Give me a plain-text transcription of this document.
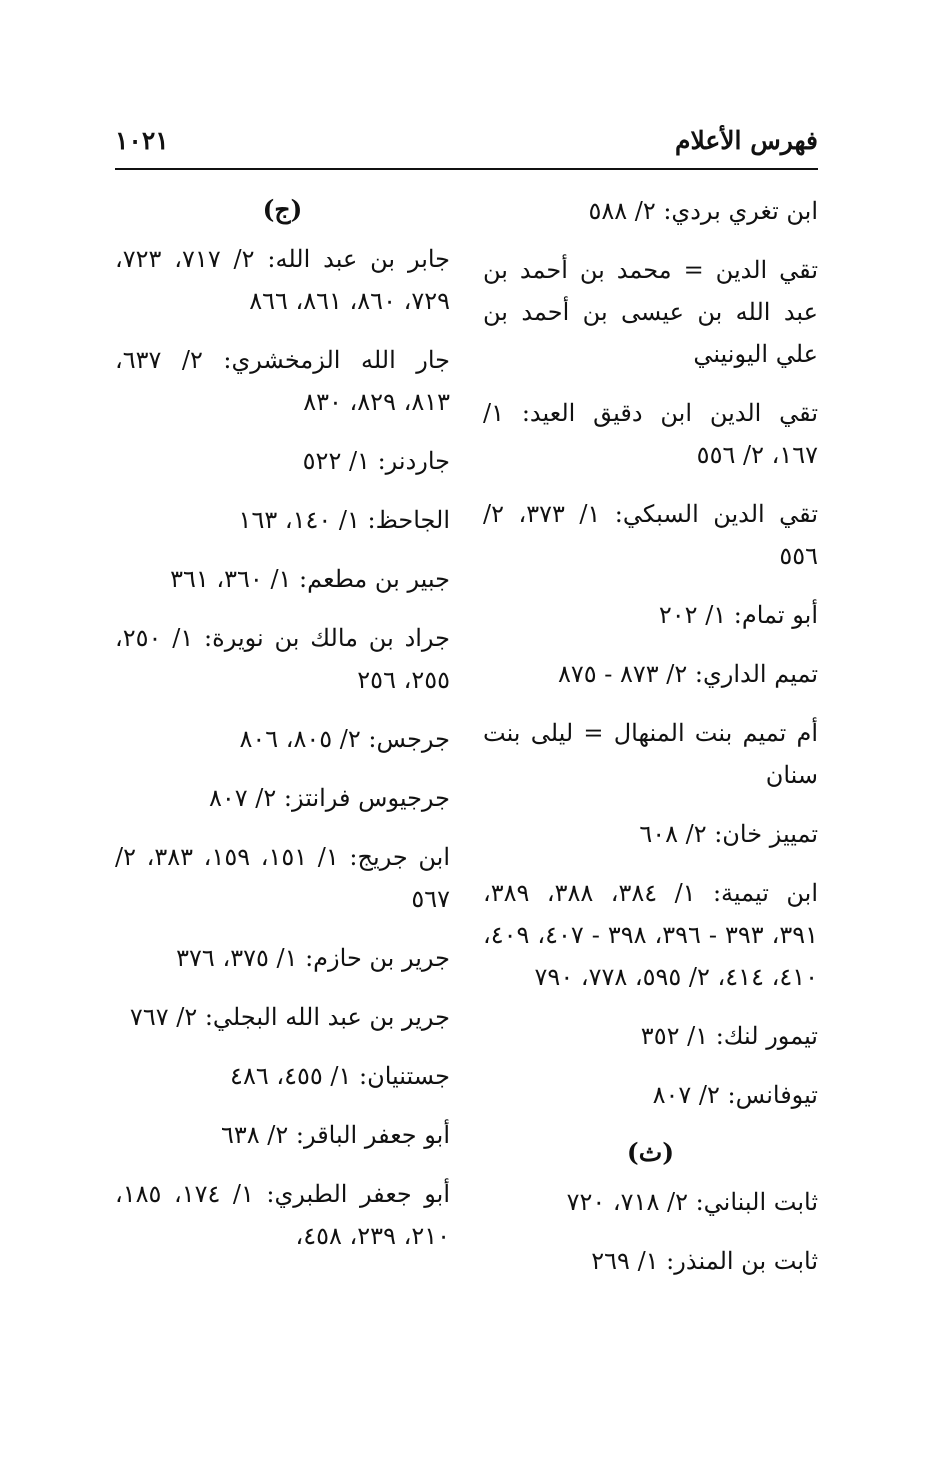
فهرس الأعلام
١٠٢١
ابن تغري بردي: ٢/ ٥٨٨
تقي الدين = محمد بن أحمد بن عبد الله بن عيسى بن أحمد بن علي اليونيني
تقي الدين ابن دقيق العيد: ١/ ١٦٧، ٢/ ٥٥٦
تقي الدين السبكي: ١/ ٣٧٣، ٢/ ٥٥٦
أبو تمام: ١/ ٢٠٢
تميم الداري: ٢/ ٨٧٣ - ٨٧٥
أم تميم بنت المنهال = ليلى بنت سنان
تمييز خان: ٢/ ٦٠٨
ابن تيمية: ١/ ٣٨٤، ٣٨٨، ٣٨٩، ٣٩١، ٣٩٣ - ٣٩٦، ٣٩٨ - ٤٠٧، ٤٠٩، ٤١٠، ٤١٤، ٢/ ٥٩٥، ٧٧٨، ٧٩٠
تيمور لنك: ١/ ٣٥٢
تيوفانس: ٢/ ٨٠٧
(ث)
ثابت البناني: ٢/ ٧١٨، ٧٢٠
ثابت بن المنذر: ١/ ٢٦٩
(ج)
جابر بن عبد الله: ٢/ ٧١٧، ٧٢٣، ٧٢٩، ٨٦٠، ٨٦١، ٨٦٦
جار الله الزمخشري: ٢/ ٦٣٧، ٨١٣، ٨٢٩، ٨٣٠
جاردنر: ١/ ٥٢٢
الجاحظ: ١/ ١٤٠، ١٦٣
جبير بن مطعم: ١/ ٣٦٠، ٣٦١
جراد بن مالك بن نويرة: ١/ ٢٥٠، ٢٥٥، ٢٥٦
جرجس: ٢/ ٨٠٥، ٨٠٦
جرجيوس فرانتز: ٢/ ٨٠٧
ابن جريج: ١/ ١٥١، ١٥٩، ٣٨٣، ٢/ ٥٦٧
جرير بن حازم: ١/ ٣٧٥، ٣٧٦
جرير بن عبد الله البجلي: ٢/ ٧٦٧
جستنيان: ١/ ٤٥٥، ٤٨٦
أبو جعفر الباقر: ٢/ ٦٣٨
أبو جعفر الطبري: ١/ ١٧٤، ١٨٥، ٢١٠، ٢٣٩، ٤٥٨،
